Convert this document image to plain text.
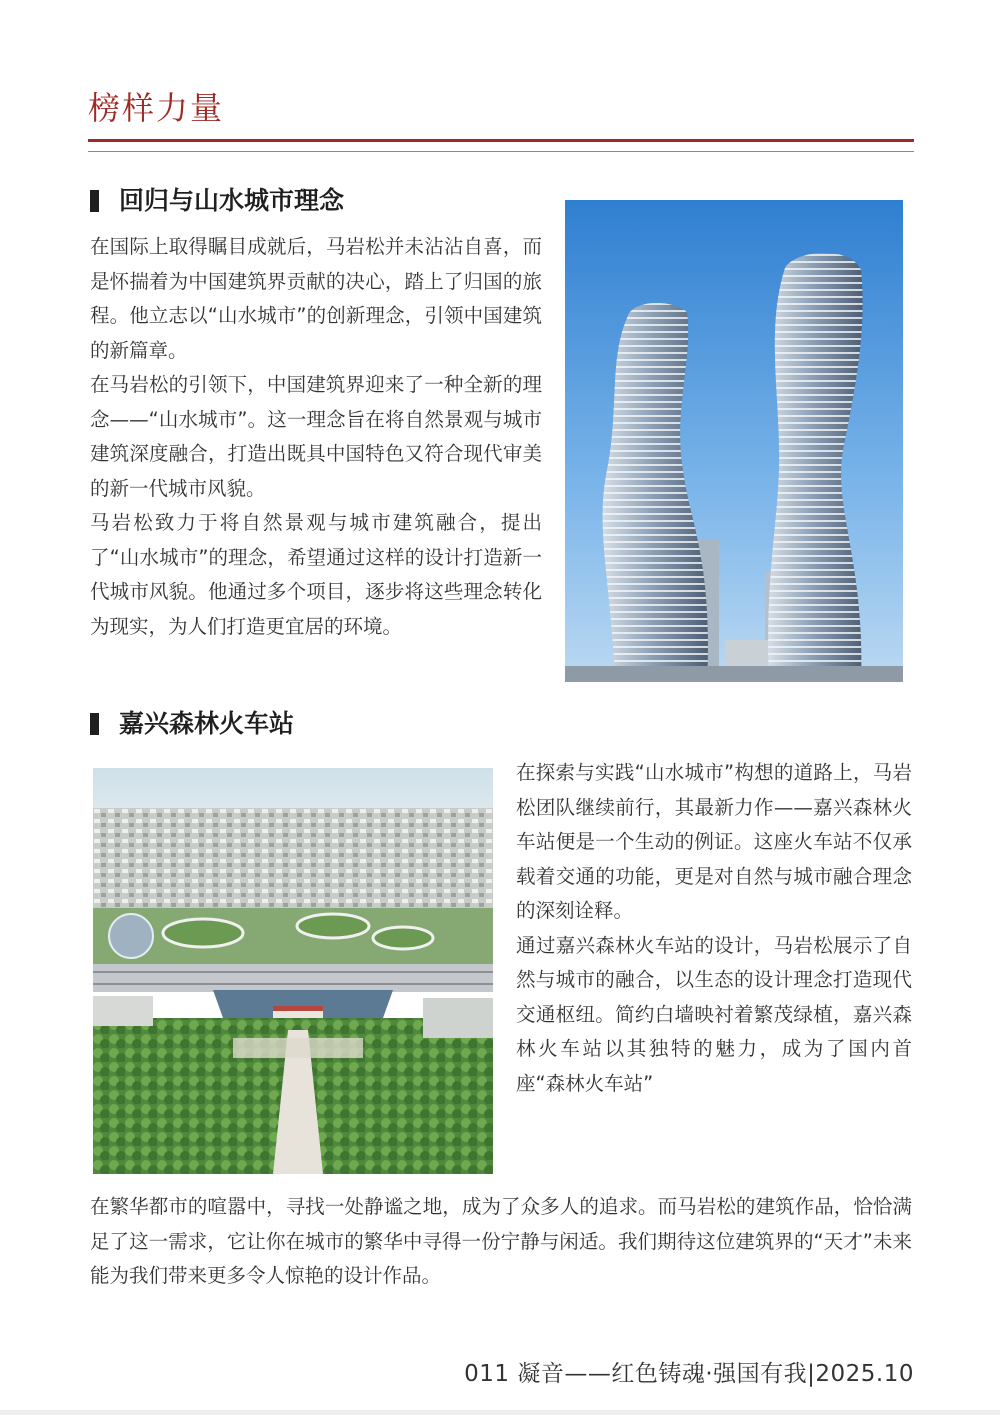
榜样力量
回归与山水城市理念

在国际上取得瞩目成就后，马岩松并未沾沾自喜，而是怀揣着为中国建筑界贡献的决心，踏上了归国的旅程。他立志以“山水城市”的创新理念，引领中国建筑的新篇章。

在马岩松的引领下，中国建筑界迎来了一种全新的理念——“山水城市”。这一理念旨在将自然景观与城市建筑深度融合，打造出既具中国特色又符合现代审美的新一代城市风貌。

马岩松致力于将自然景观与城市建筑融合，提出了“山水城市”的理念，希望通过这样的设计打造新一代城市风貌。他通过多个项目，逐步将这些理念转化为现实，为人们打造更宜居的环境。

嘉兴森林火车站

在探索与实践“山水城市”构想的道路上，马岩松团队继续前行，其最新力作——嘉兴森林火车站便是一个生动的例证。这座火车站不仅承载着交通的功能，更是对自然与城市融合理念的深刻诠释。

通过嘉兴森林火车站的设计，马岩松展示了自然与城市的融合，以生态的设计理念打造现代交通枢纽。简约白墙映衬着繁茂绿植，嘉兴森林火车站以其独特的魅力，成为了国内首座“森林火车站”

在繁华都市的喧嚣中，寻找一处静谧之地，成为了众多人的追求。而马岩松的建筑作品，恰恰满足了这一需求，它让你在城市的繁华中寻得一份宁静与闲适。我们期待这位建筑界的“天才”未来能为我们带来更多令人惊艳的设计作品。

011 凝音——红色铸魂·强国有我|2025.10
